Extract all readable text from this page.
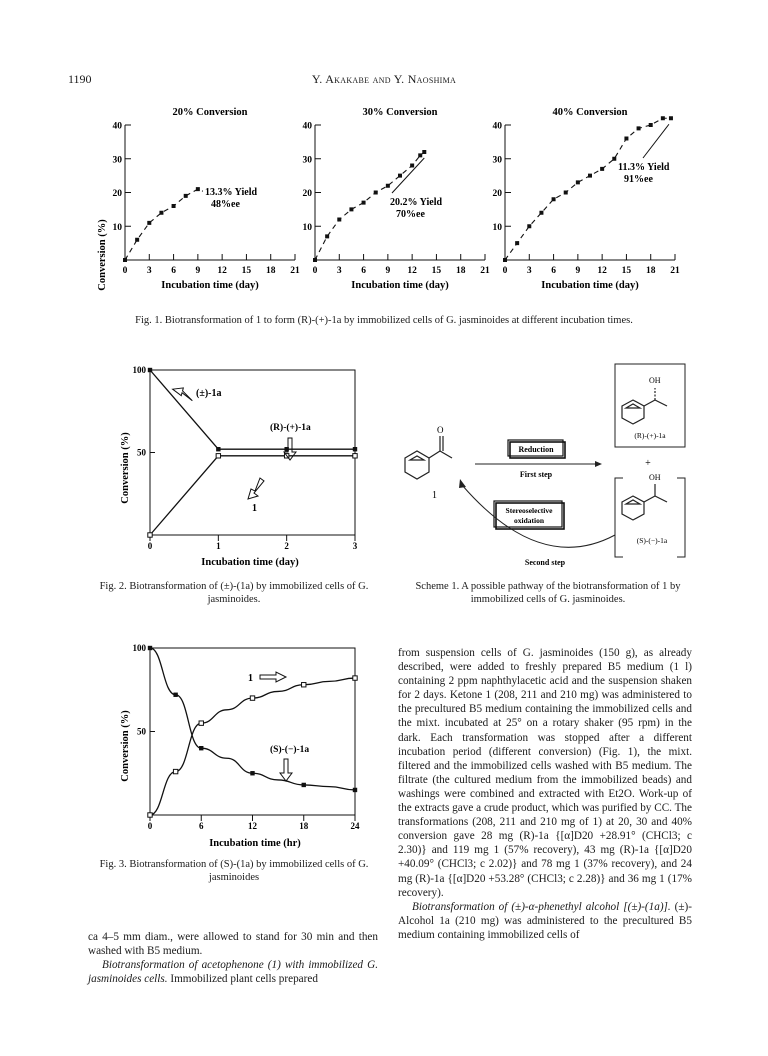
1190	Y. Akakabe and Y. Naoshima
20% Conversion
10
20
30
40
0 3 6 9 12 15 18 21
Incubation time (day)
13.3% Yield
48%ee
30% Conversion
10
20
30
40
0 3 6 9 12 15 18 21
Incubation time (day)
20.2% Yield
70%ee
40% Conversion
10
20
30
40
0 3 6 9 12 15 18 21
Incubation time (day)
11.3% Yield
91%ee
Conversion (%)
Fig. 1. Biotransformation of 1 to form (R)-(+)-1a by immobilized cells of G. jasminoides at different incubation times.
50
100
0	1	2	3
(±)-1a
(R)-(+)-1a
1
Conversion (%)
Incubation time (day)
Fig. 2. Biotransformation of (±)-(1a) by immobilized cells of G. jasminoides.
O
1
Reduction
First step
Stereoselective
oxidation
Second step
OH
(R)-(+)-1a
+
OH
(S)-(−)-1a
Scheme 1. A possible pathway of the biotransformation of 1 by immobilized cells of G. jasminoides.
50
100
0	6	12	18	24
1
(S)-(−)-1a
Conversion (%)
Incubation time (hr)
Fig. 3. Biotransformation of (S)-(1a) by immobilized cells of G. jasminoides

ca 4–5 mm diam., were allowed to stand for 30 min and then washed with B5 medium.

Biotransformation of acetophenone (1) with immobilized G. jasminoides cells. Immobilized plant cells prepared

from suspension cells of G. jasminoides (150 g), as already described, were added to freshly prepared B5 medium (1 l) containing 2 ppm naphthylacetic acid and the suspension shaken for 2 days. Ketone 1 (208, 211 and 210 mg) was administered to the precultured B5 medium containing the immobilized cells and the mixt. incubated at 25° on a rotary shaker (95 rpm) in the dark. Each transformation was stopped after a different incubation period (different conversion) (Fig. 1), the mixt. filtered and the immobilized cells washed with B5 medium. The filtrate (the cultured medium from the immobilized beads) and washings were combined and extracted with Et2O. Work-up of the extracts gave a crude product, which was purified by CC. The transformations (208, 211 and 210 mg of 1) at 20, 30 and 40% conversion gave 28 mg (R)-1a {[α]D20 +28.91° (CHCl3; c 2.30)} and 119 mg 1 (57% recovery), 43 mg (R)-1a {[α]D20 +40.09° (CHCl3; c 2.02)} and 78 mg 1 (37% recovery), and 24 mg (R)-1a {[α]D20 +53.28° (CHCl3; c 2.28)} and 36 mg 1 (17% recovery).

Biotransformation of (±)-α-phenethyl alcohol [(±)-(1a)]. (±)-Alcohol 1a (210 mg) was administered to the precultured B5 medium containing immobilized cells of
